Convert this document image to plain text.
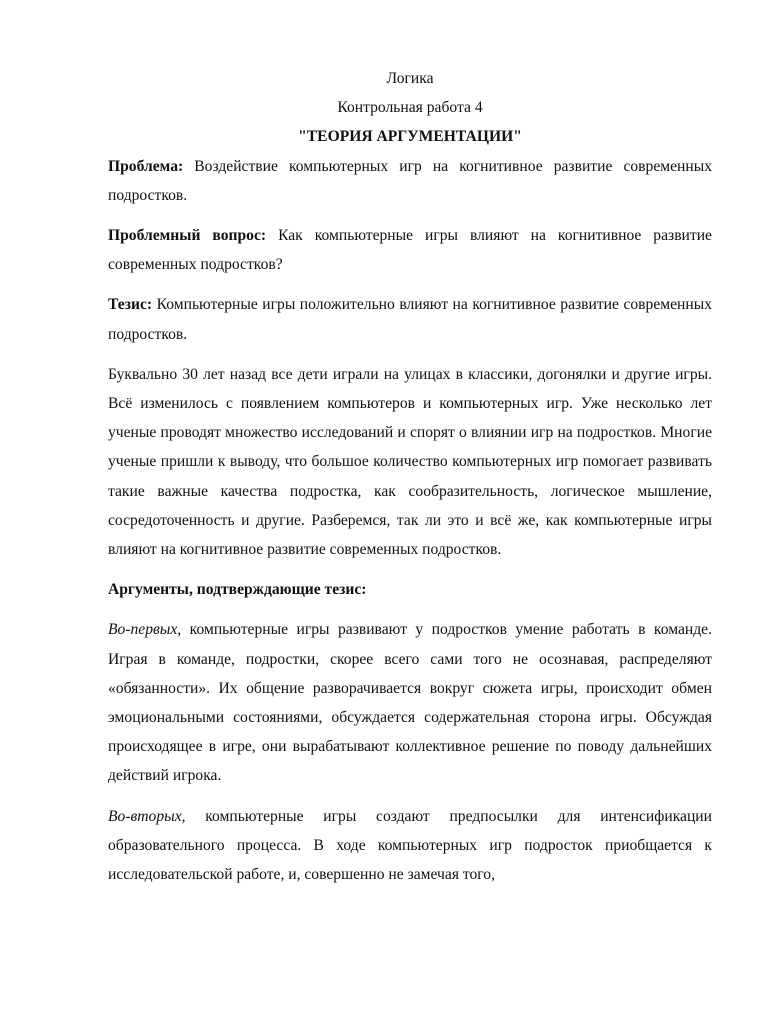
Логика

Контрольная работа 4

"ТЕОРИЯ АРГУМЕНТАЦИИ"

Проблема: Воздействие компьютерных игр на когнитивное развитие современных подростков.

Проблемный вопрос: Как компьютерные игры влияют на когнитивное развитие современных подростков?

Тезис: Компьютерные игры положительно влияют на когнитивное развитие современных подростков.

Буквально 30 лет назад все дети играли на улицах в классики, догонялки и другие игры. Всё изменилось с появлением компьютеров и компьютерных игр. Уже несколько лет ученые проводят множество исследований и спорят о влиянии игр на подростков. Многие ученые пришли к выводу, что большое количество компьютерных игр помогает развивать такие важные качества подростка, как сообразительность, логическое мышление, сосредоточенность и другие. Разберемся, так ли это и всё же, как компьютерные игры влияют на когнитивное развитие современных подростков.

Аргументы, подтверждающие тезис:

Во-первых, компьютерные игры развивают у подростков умение работать в команде. Играя в команде, подростки, скорее всего сами того не осознавая, распределяют «обязанности». Их общение разворачивается вокруг сюжета игры, происходит обмен эмоциональными состояниями, обсуждается содержательная сторона игры. Обсуждая происходящее в игре, они вырабатывают коллективное решение по поводу дальнейших действий игрока.

Во-вторых, компьютерные игры создают предпосылки для интенсификации образовательного процесса. В ходе компьютерных игр подросток приобщается к исследовательской работе, и, совершенно не замечая того,
